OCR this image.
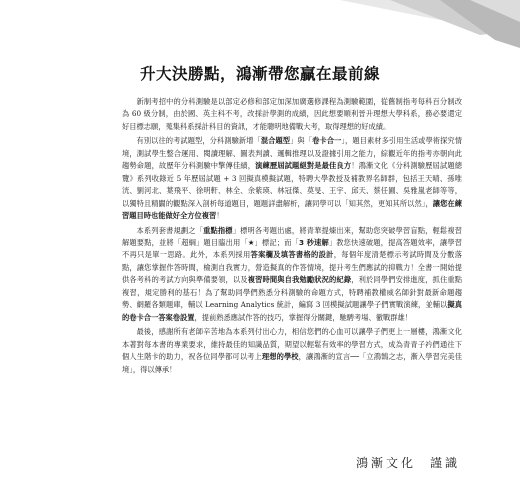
升大決勝點，鴻漸帶您贏在最前線

新制考招中的分科測驗是以部定必修和部定加深加廣選修課程為測驗範圍，從舊制指考每科百分制改為 60 級分制，由於國、英主科不考，改採計學測的成績，因此想要順利晉升理想大學科系，務必要還定好目標志願，蒐集科系採計科目的資訊，才能聰明地備戰大考，取得理想的好成績。

有別以往的考試題型，分科測驗新增「混合題型」與「卷卡合一」，題目素材多引用生活或學術探究情境，測試學生整合運用、閱讀理解、圖表判讀、邏輯推理以及證據引用之能力，綜觀近年的指考亦朝向此趨勢命題，故歷年分科測驗中擎傳佳績，演練歷屆試題絕對是最佳良方！鴻漸文化《分科測驗歷屆試題總覽》系列收錄近 5 年歷屆試題 + 3 回擬真模擬試題，特聘大學教授及補教界名師群，包括王天晴、孫唯洸、劉河北、葉飛平、徐明軒、林全、余紫瑛、林冠傑、莫旻、王宇、邱天、蔡任圃、吳雅嵐老師等等，以獨特且精闢的觀點深入剖析每道題目，題題詳盡解析，讓同學可以「知其然，更知其所以然」，讓您在練習題目時也能做好全方位複習！

本系列套書規劃之「重點指標」標明各考題出處，將青華提煉出來，幫助您突破學習盲點，輕鬆複習解題要點，並將「超綱」題目臨出用「★」標記；而「3 秒速解」教您快速破題，提高答題效率，讓學習不再只是單一思路。此外，本系列採用答案欄及填答書格的設計，每個年度清楚標示考試時間及分數落點，讓您掌握作答時間，檢測自我實力，營造擬真的作答情境，提升考生們應試的抑戰力！全書一開始提供各考科的考試方向與準備要領，以及複習時間與自我勉勵狀況的紀錄，利於同學們安排進度，抓住重點複習，規定勝利的基石！為了幫助同學們熟悉分科測驗的命題方式，特聘補教權威名師針對最新命題趨勢、網羅各類題庫，輔以 Learning Analytics 統計，編寫 3 回模擬試題讓學子們實戰演練，並輔以擬真的卷卡合一答案卷設置，提前熟悉應試作答的技巧，掌握得分關鍵，馳騁考場、徹戰群雄！

最後，感謝所有老師辛苦地為本系列付出心力，相信您們的心血可以讓學子們更上一層樓，鴻漸文化本著對每本書的專業要求，維持最佳的知識品質，期望以輕鬆有效率的學習方式，成為青青子衿們通往下個人生階卡的助力，祝各位同學都可以考上理想的學校，讓鴻漸的宣言──「立鴻鵠之志，漸入學習完美佳境」，得以傳承！

鴻漸文化 謹識
